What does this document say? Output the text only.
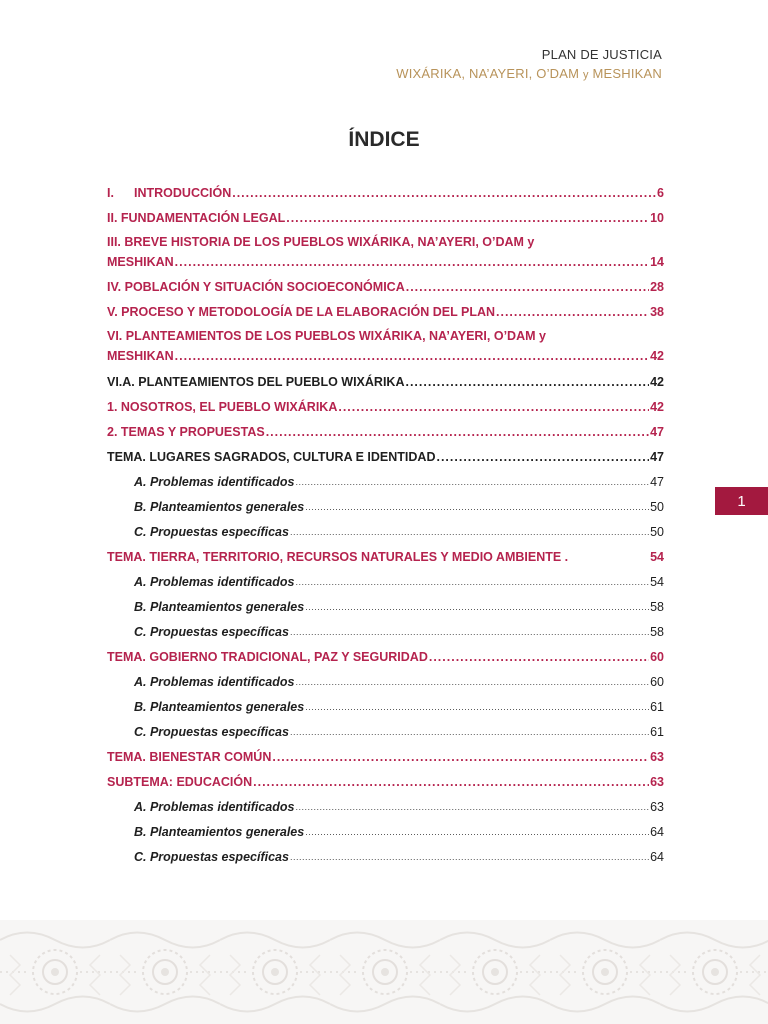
PLAN DE JUSTICIA
WIXÁRIKA, NA’AYERI, O’DAM y MESHIKAN
ÍNDICE
I. INTRODUCCIÓN .....	6
II. FUNDAMENTACIÓN LEGAL .....	10
III. BREVE HISTORIA DE LOS PUEBLOS WIXÁRIKA, NA’AYERI, O’DAM y
MESHIKAN .....	14
IV. POBLACIÓN Y SITUACIÓN SOCIOECONÓMICA .....	28
V. PROCESO Y METODOLOGÍA DE LA ELABORACIÓN DEL PLAN .....	38
VI. PLANTEAMIENTOS DE LOS PUEBLOS WIXÁRIKA, NA’AYERI, O’DAM y
MESHIKAN .....	42
VI.A. PLANTEAMIENTOS DEL PUEBLO WIXÁRIKA .....	42
1. NOSOTROS, EL PUEBLO WIXÁRIKA .....	42
2. TEMAS Y PROPUESTAS .....	47
TEMA. LUGARES SAGRADOS, CULTURA E IDENTIDAD .....	47
A. Problemas identificados .....	47
B. Planteamientos generales .....	50
C. Propuestas específicas .....	50
TEMA. TIERRA, TERRITORIO, RECURSOS NATURALES Y MEDIO AMBIENTE .	54
A. Problemas identificados .....	54
B. Planteamientos generales .....	58
C. Propuestas específicas .....	58
TEMA. GOBIERNO TRADICIONAL, PAZ Y SEGURIDAD .....	60
A. Problemas identificados .....	60
B. Planteamientos generales .....	61
C. Propuestas específicas .....	61
TEMA. BIENESTAR COMÚN .....	63
SUBTEMA: EDUCACIÓN .....	63
A. Problemas identificados .....	63
B. Planteamientos generales .....	64
C. Propuestas específicas .....	64
1
